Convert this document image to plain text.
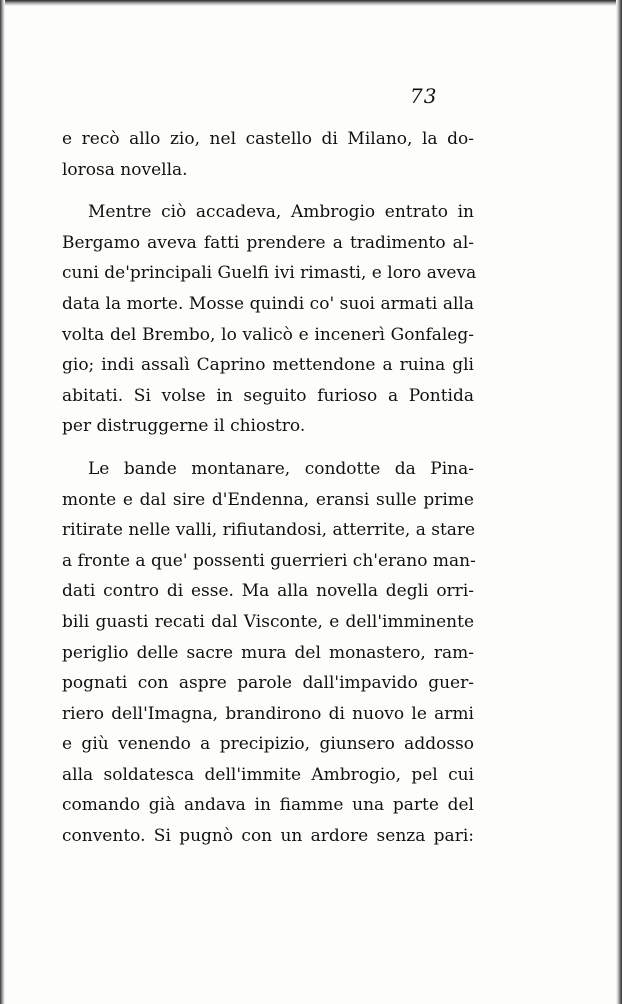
73
e recò allo zio, nel castello di Milano, la do-
lorosa novella.
Mentre ciò accadeva, Ambrogio entrato in
Bergamo aveva fatti prendere a tradimento al-
cuni de'principali Guelfi ivi rimasti, e loro aveva
data la morte. Mosse quindi co' suoi armati alla
volta del Brembo, lo valicò e incenerì Gonfaleg-
gio; indi assalì Caprino mettendone a ruina gli
abitati. Si volse in seguito furioso a Pontida
per distruggerne il chiostro.
Le bande montanare, condotte da Pina-
monte e dal sire d'Endenna, eransi sulle prime
ritirate nelle valli, rifiutandosi, atterrite, a stare
a fronte a que' possenti guerrieri ch'erano man-
dati contro di esse. Ma alla novella degli orri-
bili guasti recati dal Visconte, e dell'imminente
periglio delle sacre mura del monastero, ram-
pognati con aspre parole dall'impavido guer-
riero dell'Imagna, brandirono di nuovo le armi
e giù venendo a precipizio, giunsero addosso
alla soldatesca dell'immite Ambrogio, pel cui
comando già andava in fiamme una parte del
convento. Si pugnò con un ardore senza pari:
